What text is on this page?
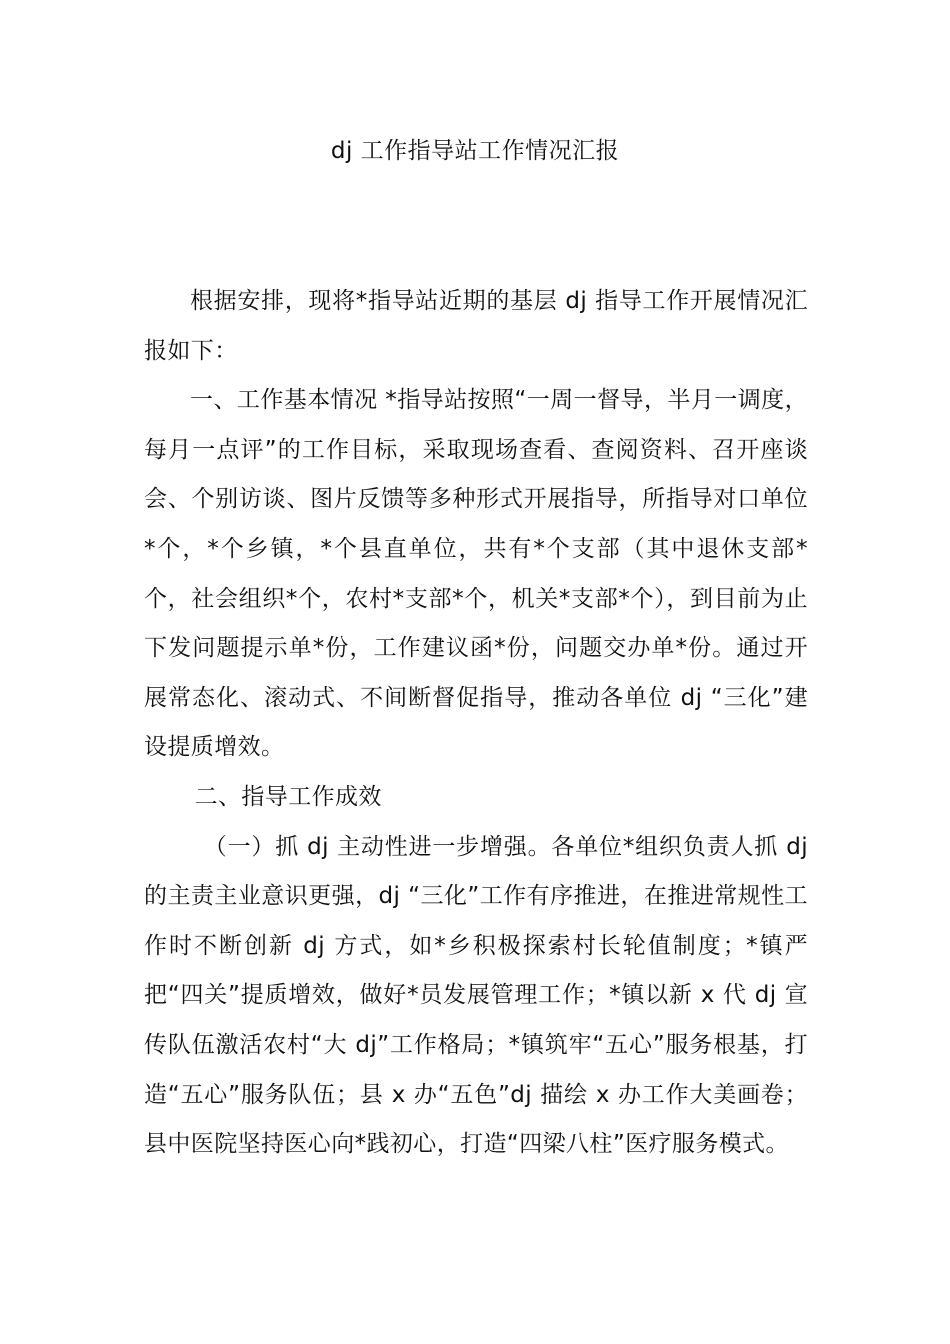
dj 工作指导站工作情况汇报

根据安排，现将*指导站近期的基层 dj 指导工作开展情况汇报如下：

一、工作基本情况 *指导站按照“一周一督导，半月一调度，每月一点评”的工作目标，采取现场查看、查阅资料、召开座谈会、个别访谈、图片反馈等多种形式开展指导，所指导对口单位*个，*个乡镇，*个县直单位，共有*个支部（其中退休支部*个，社会组织*个，农村*支部*个，机关*支部*个），到目前为止下发问题提示单*份，工作建议函*份，问题交办单*份。通过开展常态化、滚动式、不间断督促指导，推动各单位 dj “三化”建设提质增效。

二、指导工作成效

（一）抓 dj 主动性进一步增强。各单位*组织负责人抓 dj 的主责主业意识更强，dj “三化”工作有序推进，在推进常规性工作时不断创新 dj 方式，如*乡积极探索村长轮值制度；*镇严把“四关”提质增效，做好*员发展管理工作；*镇以新 x 代 dj 宣传队伍激活农村“大 dj”工作格局；*镇筑牢“五心”服务根基，打造“五心”服务队伍；县 x 办“五色”dj 描绘 x 办工作大美画卷；县中医院坚持医心向*践初心，打造“四梁八柱”医疗服务模式。
